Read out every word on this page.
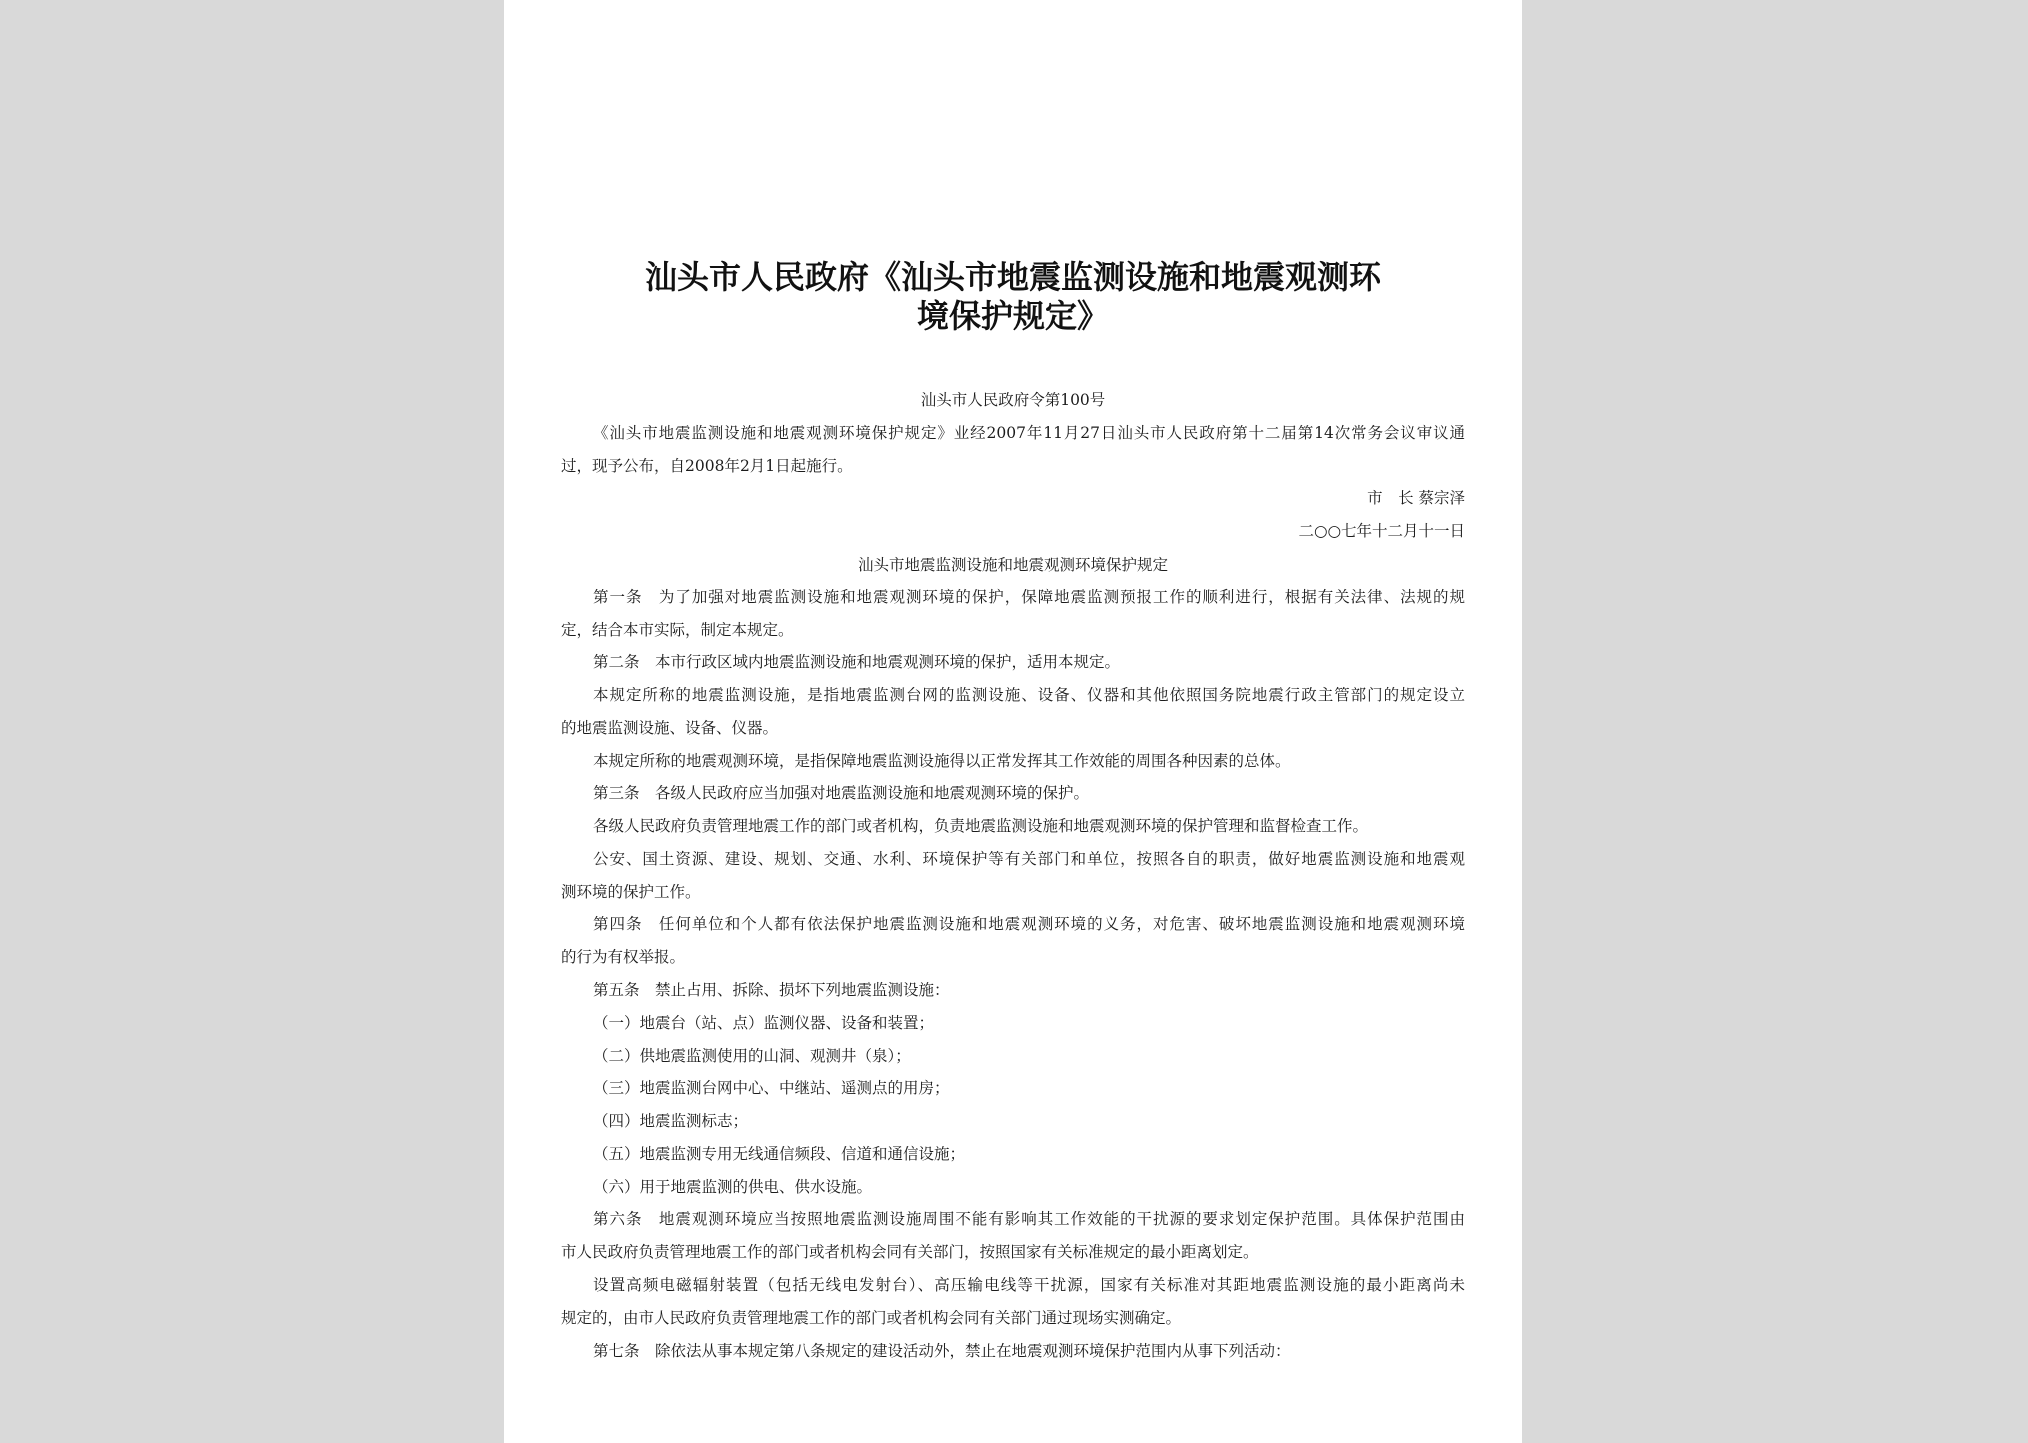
汕头市人民政府《汕头市地震监测设施和地震观测环
境保护规定》
汕头市人民政府令第100号
《汕头市地震监测设施和地震观测环境保护规定》业经2007年11月27日汕头市人民政府第十二届第14次常务会议审议通
过，现予公布，自2008年2月1日起施行。
市　长 蔡宗泽
二○○七年十二月十一日
汕头市地震监测设施和地震观测环境保护规定
第一条　为了加强对地震监测设施和地震观测环境的保护，保障地震监测预报工作的顺利进行，根据有关法律、法规的规
定，结合本市实际，制定本规定。
第二条　本市行政区域内地震监测设施和地震观测环境的保护，适用本规定。
本规定所称的地震监测设施，是指地震监测台网的监测设施、设备、仪器和其他依照国务院地震行政主管部门的规定设立
的地震监测设施、设备、仪器。
本规定所称的地震观测环境，是指保障地震监测设施得以正常发挥其工作效能的周围各种因素的总体。
第三条　各级人民政府应当加强对地震监测设施和地震观测环境的保护。
各级人民政府负责管理地震工作的部门或者机构，负责地震监测设施和地震观测环境的保护管理和监督检查工作。
公安、国土资源、建设、规划、交通、水利、环境保护等有关部门和单位，按照各自的职责，做好地震监测设施和地震观
测环境的保护工作。
第四条　任何单位和个人都有依法保护地震监测设施和地震观测环境的义务，对危害、破坏地震监测设施和地震观测环境
的行为有权举报。
第五条　禁止占用、拆除、损坏下列地震监测设施：
（一）地震台（站、点）监测仪器、设备和装置；
（二）供地震监测使用的山洞、观测井（泉）；
（三）地震监测台网中心、中继站、遥测点的用房；
（四）地震监测标志；
（五）地震监测专用无线通信频段、信道和通信设施；
（六）用于地震监测的供电、供水设施。
第六条　地震观测环境应当按照地震监测设施周围不能有影响其工作效能的干扰源的要求划定保护范围。具体保护范围由
市人民政府负责管理地震工作的部门或者机构会同有关部门，按照国家有关标准规定的最小距离划定。
设置高频电磁辐射装置（包括无线电发射台）、高压输电线等干扰源，国家有关标准对其距地震监测设施的最小距离尚未
规定的，由市人民政府负责管理地震工作的部门或者机构会同有关部门通过现场实测确定。
第七条　除依法从事本规定第八条规定的建设活动外，禁止在地震观测环境保护范围内从事下列活动：
